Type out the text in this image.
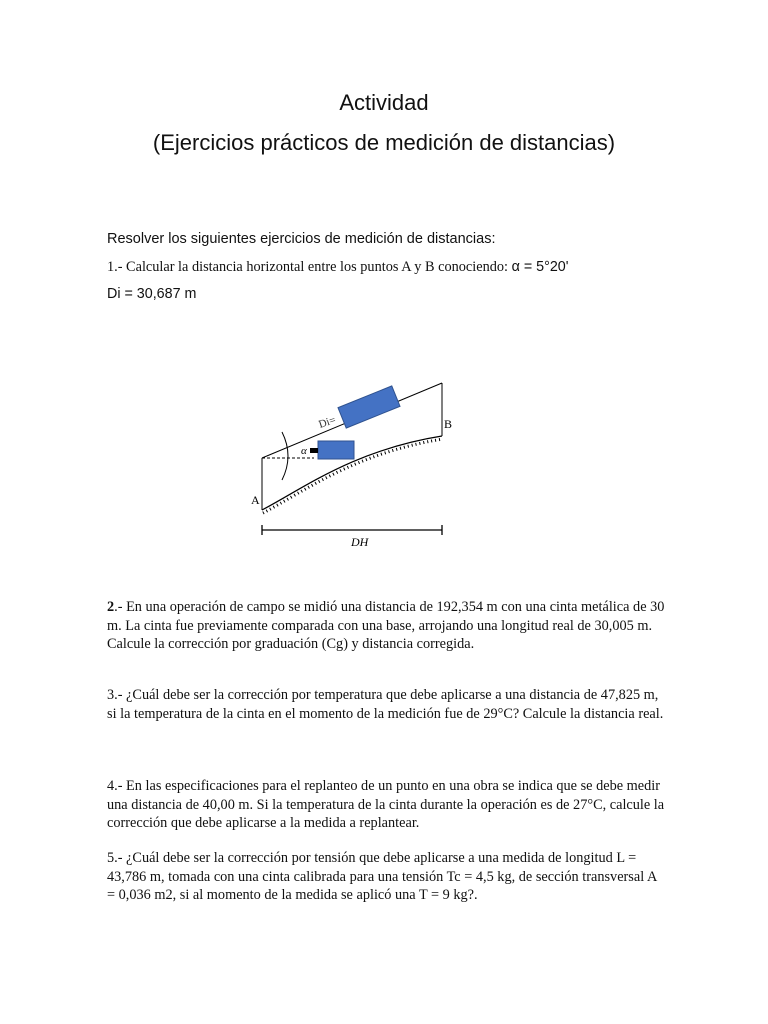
Actividad
(Ejercicios prácticos de medición de distancias)
Resolver los siguientes ejercicios de medición de distancias:
1.- Calcular la distancia horizontal entre los puntos A y B conociendo: α = 5°20'
Di = 30,687 m
Di=
α
A
B
DH
2.- En una operación de campo se midió una distancia de 192,354 m con una cinta metálica de 30 m. La cinta fue previamente comparada con una base, arrojando una longitud real de 30,005 m. Calcule la corrección por graduación (Cg) y distancia corregida.
3.- ¿Cuál debe ser la corrección por temperatura que debe aplicarse a una distancia de 47,825 m, si la temperatura de la cinta en el momento de la medición fue de 29°C? Calcule la distancia real.
4.- En las especificaciones para el replanteo de un punto en una obra se indica que se debe medir una distancia de 40,00 m. Si la temperatura de la cinta durante la operación es de 27°C, calcule la corrección que debe aplicarse a la medida a replantear.
5.- ¿Cuál debe ser la corrección por tensión que debe aplicarse a una medida de longitud L = 43,786 m, tomada con una cinta calibrada para una tensión Tc = 4,5 kg, de sección transversal A = 0,036 m2, si al momento de la medida se aplicó una T = 9 kg?.
